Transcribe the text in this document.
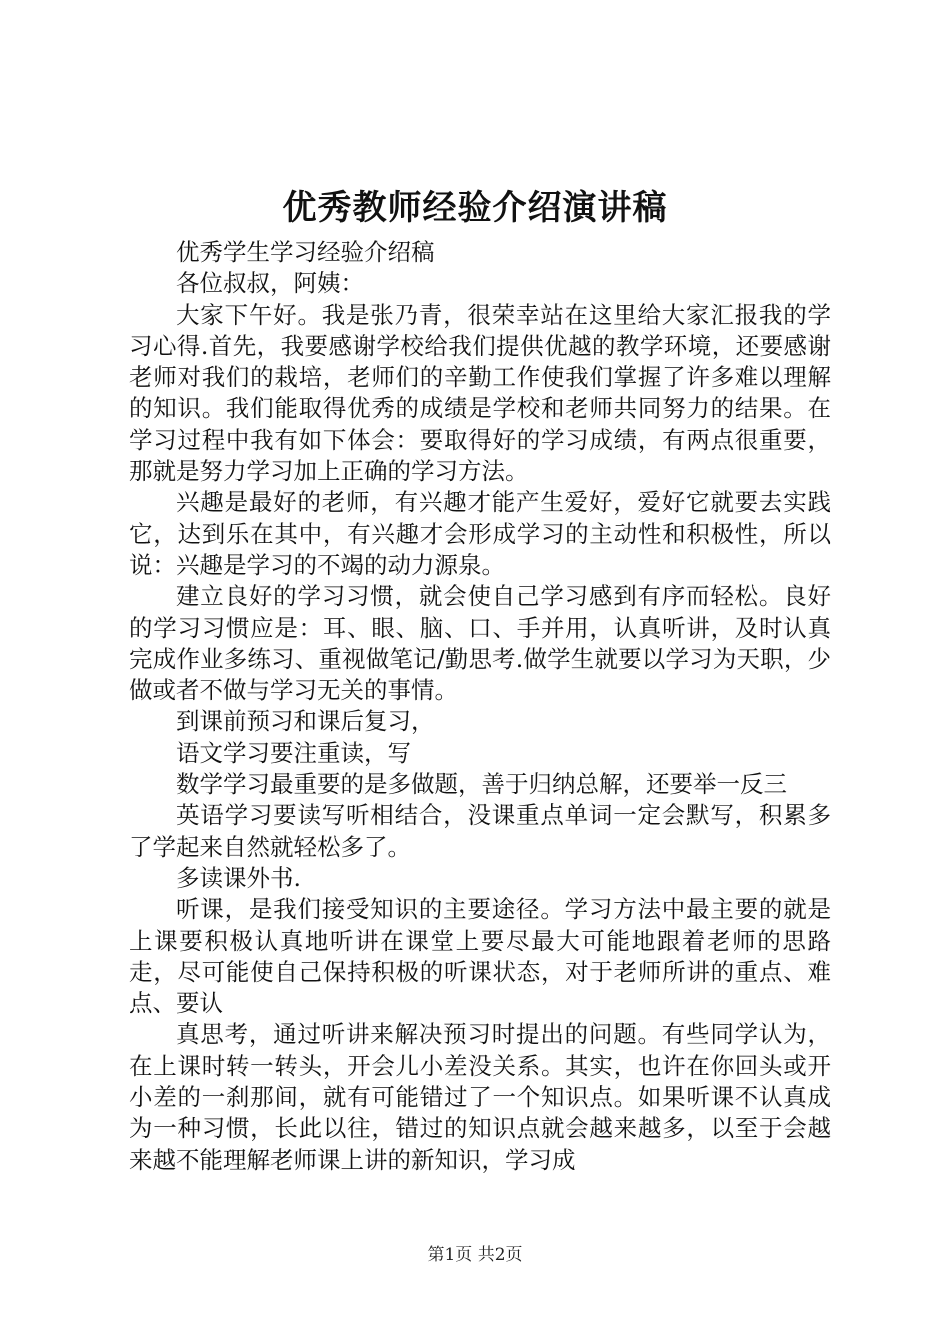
优秀教师经验介绍演讲稿

优秀学生学习经验介绍稿

各位叔叔，阿姨：

大家下午好。我是张乃青，很荣幸站在这里给大家汇报我的学习心得.首先，我要感谢学校给我们提供优越的教学环境，还要感谢老师对我们的栽培，老师们的辛勤工作使我们掌握了许多难以理解的知识。我们能取得优秀的成绩是学校和老师共同努力的结果。在学习过程中我有如下体会：要取得好的学习成绩，有两点很重要，那就是努力学习加上正确的学习方法。

兴趣是最好的老师，有兴趣才能产生爱好，爱好它就要去实践它，达到乐在其中，有兴趣才会形成学习的主动性和积极性，所以说：兴趣是学习的不竭的动力源泉。

建立良好的学习习惯，就会使自己学习感到有序而轻松。良好的学习习惯应是：耳、眼、脑、口、手并用，认真听讲，及时认真完成作业多练习、重视做笔记/勤思考.做学生就要以学习为天职，少做或者不做与学习无关的事情。

到课前预习和课后复习，

语文学习要注重读，写

数学学习最重要的是多做题，善于归纳总解，还要举一反三

英语学习要读写听相结合，没课重点单词一定会默写，积累多了学起来自然就轻松多了。

多读课外书.

听课，是我们接受知识的主要途径。学习方法中最主要的就是上课要积极认真地听讲在课堂上要尽最大可能地跟着老师的思路走，尽可能使自己保持积极的听课状态，对于老师所讲的重点、难点、要认

真思考，通过听讲来解决预习时提出的问题。有些同学认为，在上课时转一转头，开会儿小差没关系。其实，也许在你回头或开小差的一刹那间，就有可能错过了一个知识点。如果听课不认真成为一种习惯，长此以往，错过的知识点就会越来越多，以至于会越来越不能理解老师课上讲的新知识，学习成

第1页 共2页
